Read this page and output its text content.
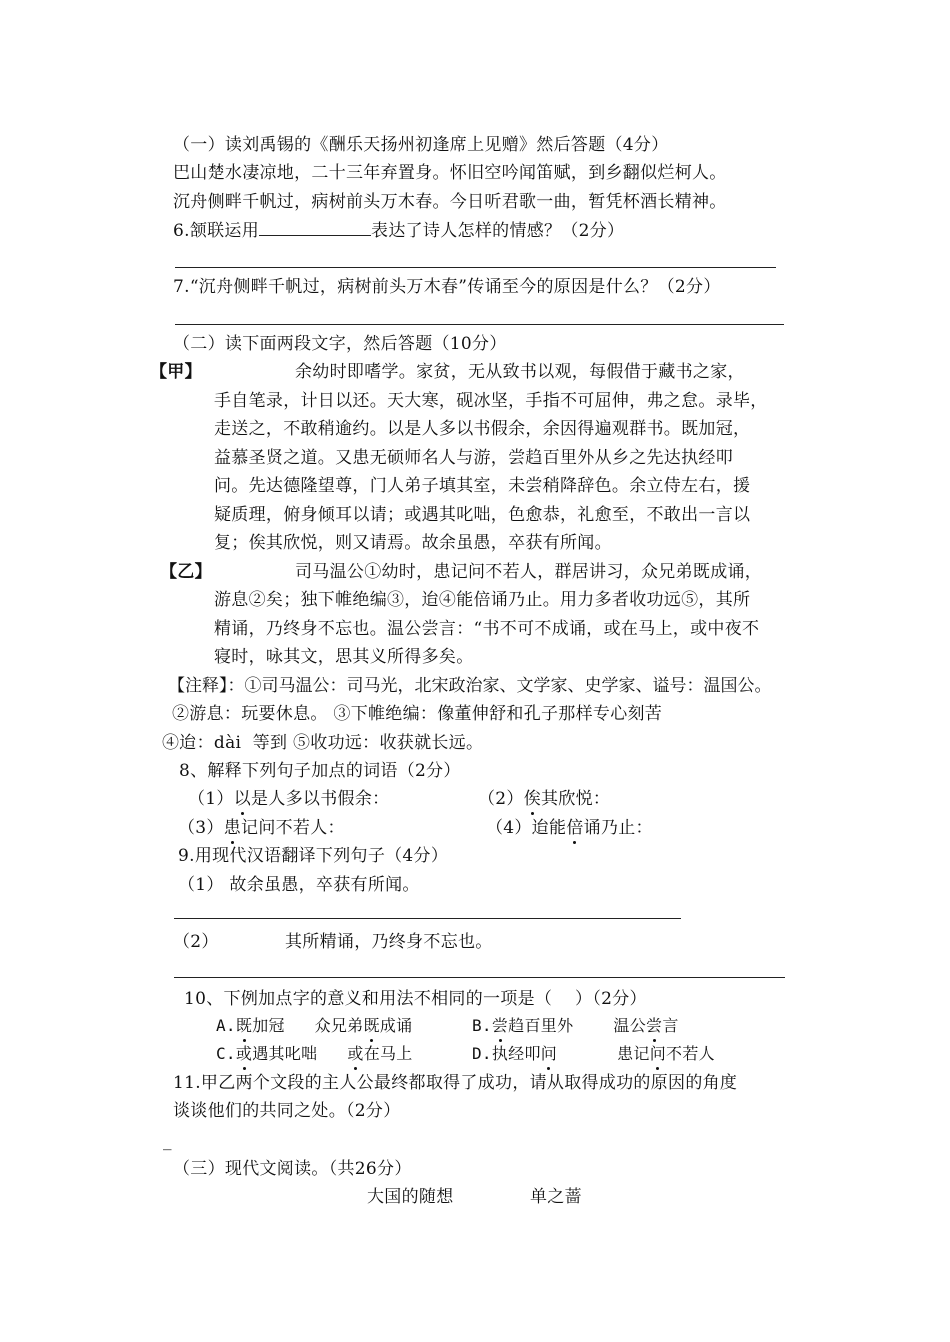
（一）读刘禹锡的《酬乐天扬州初逢席上见赠》然后答题（4分）
巴山楚水凄凉地，二十三年弃置身。怀旧空吟闻笛赋，到乡翻似烂柯人。
沉舟侧畔千帆过，病树前头万木春。今日听君歌一曲，暂凭杯酒长精神。
6.颔联运用	表达了诗人怎样的情感？（2分）
7.“沉舟侧畔千帆过，病树前头万木春”传诵至今的原因是什么？（2分）
（二）读下面两段文字，然后答题（10分）
【甲】	余幼时即嗜学。家贫，无从致书以观，每假借于藏书之家，
手自笔录，计日以还。天大寒，砚冰坚，手指不可屈伸，弗之怠。录毕，
走送之，不敢稍逾约。以是人多以书假余，余因得遍观群书。既加冠，
益慕圣贤之道。又患无硕师名人与游，尝趋百里外从乡之先达执经叩
问。先达德隆望尊，门人弟子填其室，未尝稍降辞色。余立侍左右，援
疑质理，俯身倾耳以请；或遇其叱咄，色愈恭，礼愈至，不敢出一言以
复；俟其欣悦，则又请焉。故余虽愚，卒获有所闻。
【乙】	司马温公①幼时，患记问不若人，群居讲习，众兄弟既成诵，
游息②矣；独下帷绝编③，迨④能倍诵乃止。用力多者收功远⑤，其所
精诵，乃终身不忘也。温公尝言：“书不可不成诵，或在马上，或中夜不
寝时，咏其文，思其义所得多矣。
【注释】：①司马温公：司马光，北宋政治家、文学家、史学家、谥号：温国公。
②游息：玩要休息。 ③下帷绝编：像董伸舒和孔子那样专心刻苦
④迨：dài  等到 ⑤收功远：收获就长远。
8、解释下列句子加点的词语（2分）
（1）以是人多以书假余：	（2）俟其欣悦：
（3）患记问不若人：	（4）迨能倍诵乃止：
9.用现代汉语翻译下列句子（4分）
（1） 故余虽愚，卒获有所闻。
（2）	其所精诵，乃终身不忘也。
10、下例加点字的意义和用法不相同的一项是（    ）（2分）
A.既加冠   众兄弟既成诵	B.尝趋百里外	温公尝言
C.或遇其叱咄 或在马上	D.执经叩问	患记问不若人
11.甲乙两个文段的主人公最终都取得了成功，请从取得成功的原因的角度
谈谈他们的共同之处。（2分）
_
（三）现代文阅读。（共26分）
大国的随想	单之蔷
